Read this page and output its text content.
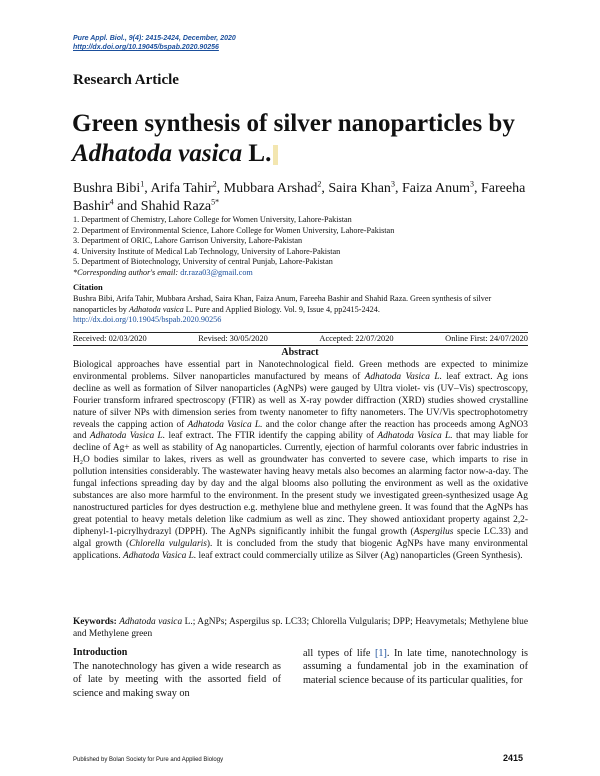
Pure Appl. Biol., 9(4): 2415-2424, December, 2020
http://dx.doi.org/10.19045/bspab.2020.90256
Research Article
Green synthesis of silver nanoparticles by
Adhatoda vasica L.
Bushra Bibi$^1$, Arifa Tahir$^2$, Mubbara Arshad$^2$, Saira Khan$^3$, Faiza Anum$^3$, Fareeha Bashir$^4$ and Shahid Raza$^{5*}$
1. Department of Chemistry, Lahore College for Women University, Lahore-Pakistan
2. Department of Environmental Science, Lahore College for Women University, Lahore-Pakistan
3. Department of ORIC, Lahore Garrison University, Lahore-Pakistan
4. University Institute of Medical Lab Technology, University of Lahore-Pakistan
5. Department of Biotechnology, University of central Punjab, Lahore-Pakistan
*Corresponding author's email: dr.raza03@gmail.com
Citation
Bushra Bibi, Arifa Tahir, Mubbara Arshad, Saira Khan, Faiza Anum, Fareeha Bashir and Shahid Raza. Green synthesis of silver nanoparticles by Adhatoda vasica L. Pure and Applied Biology. Vol. 9, Issue 4, pp2415-2424.
http://dx.doi.org/10.19045/bspab.2020.90256
Received: 02/03/2020	Revised: 30/05/2020	Accepted: 22/07/2020	Online First: 24/07/2020
Abstract
Biological approaches have essential part in Nanotechnological field. Green methods are expected to minimize environmental problems. Silver nanoparticles manufactured by means of Adhatoda Vasica L. leaf extract. Ag ions decline as well as formation of Silver nanoparticles (AgNPs) were gauged by Ultra violet- vis (UV–Vis) spectroscopy, Fourier transform infrared spectroscopy (FTIR) as well as X-ray powder diffraction (XRD) studies showed crystalline nature of silver NPs with dimension series from twenty nanometer to fifty nanometers. The UV/Vis spectrophotometry reveals the capping action of Adhatoda Vasica L. and the color change after the reaction has proceeds among AgNO3 and Adhatoda Vasica L. leaf extract. The FTIR identify the capping ability of Adhatoda Vasica L. that may liable for decline of Ag+ as well as stability of Ag nanoparticles. Currently, ejection of harmful colorants over fabric industries in H₂O bodies similar to lakes, rivers as well as groundwater has converted to severe case, which imparts to rise in pollution intensities considerably. The wastewater having heavy metals also becomes an alarming factor now-a-day. The fungal infections spreading day by day and the algal blooms also polluting the environment as well as the oxidative substances are also more harmful to the environment. In the present study we investigated green-synthesized usage Ag nanostructured particles for dyes destruction e.g. methylene blue and methylene green. It was found that the AgNPs has great potential to heavy metals deletion like cadmium as well as zinc. They showed antioxidant property against 2,2-diphenyl-1-picrylhydrazyl (DPPH). The AgNPs significantly inhibit the fungal growth (Aspergilus specie LC.33) and algal growth (Chlorella vulgularis). It is concluded from the study that biogenic AgNPs have many environmental applications. Adhatoda Vasica L. leaf extract could commercially utilize as Silver (Ag) nanoparticles (Green Synthesis).
Keywords: Adhatoda vasica L.; AgNPs; Aspergilus sp. LC33; Chlorella Vulgularis; DPP; Heavymetals; Methylene blue and Methylene green
Introduction
The nanotechnology has given a wide research as of late by meeting with the assorted field of science and making sway on
all types of life [1]. In late time, nanotechnology is assuming a fundamental job in the examination of material science because of its particular qualities, for
Published by Bolan Society for Pure and Applied Biology	2415
